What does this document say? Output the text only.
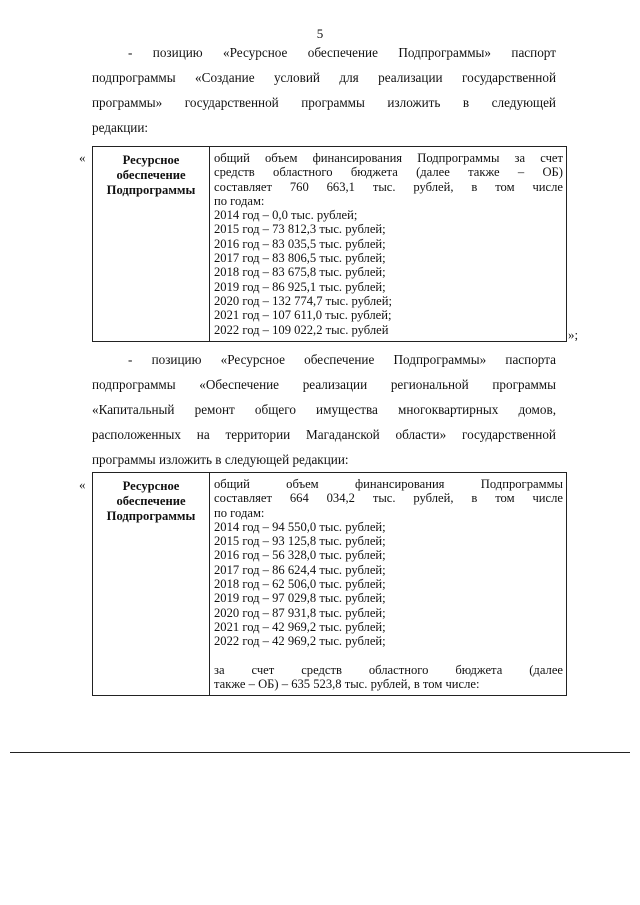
5
- позицию «Ресурсное обеспечение Подпрограммы» паспорт
подпрограммы «Создание условий для реализации государственной
программы» государственной программы изложить в следующей
редакции:
«	Ресурсное
обеспечение
Подпрограммы

общий объем финансирования Подпрограммы за счет
средств областного бюджета (далее также – ОБ)
составляет 760 663,1 тыс. рублей, в том числе
по годам:
2014 год – 0,0 тыс. рублей;
2015 год – 73 812,3 тыс. рублей;
2016 год – 83 035,5 тыс. рублей;
2017 год – 83 806,5 тыс. рублей;
2018 год – 83 675,8 тыс. рублей;
2019 год – 86 925,1 тыс. рублей;
2020 год – 132 774,7 тыс. рублей;
2021 год – 107 611,0 тыс. рублей;
2022 год – 109 022,2 тыс. рублей	»;
- позицию «Ресурсное обеспечение Подпрограммы» паспорта
подпрограммы «Обеспечение реализации региональной программы
«Капитальный ремонт общего имущества многоквартирных домов,
расположенных на территории Магаданской области» государственной
программы изложить в следующей редакции:
«	Ресурсное
обеспечение
Подпрограммы

общий объем финансирования Подпрограммы
составляет 664 034,2 тыс. рублей, в том числе
по годам:
2014 год – 94 550,0 тыс. рублей;
2015 год – 93 125,8 тыс. рублей;
2016 год – 56 328,0 тыс. рублей;
2017 год – 86 624,4 тыс. рублей;
2018 год – 62 506,0 тыс. рублей;
2019 год – 97 029,8 тыс. рублей;
2020 год – 87 931,8 тыс. рублей;
2021 год – 42 969,2 тыс. рублей;
2022 год – 42 969,2 тыс. рублей;
за счет средств областного бюджета (далее
также – ОБ) – 635 523,8 тыс. рублей, в том числе:
